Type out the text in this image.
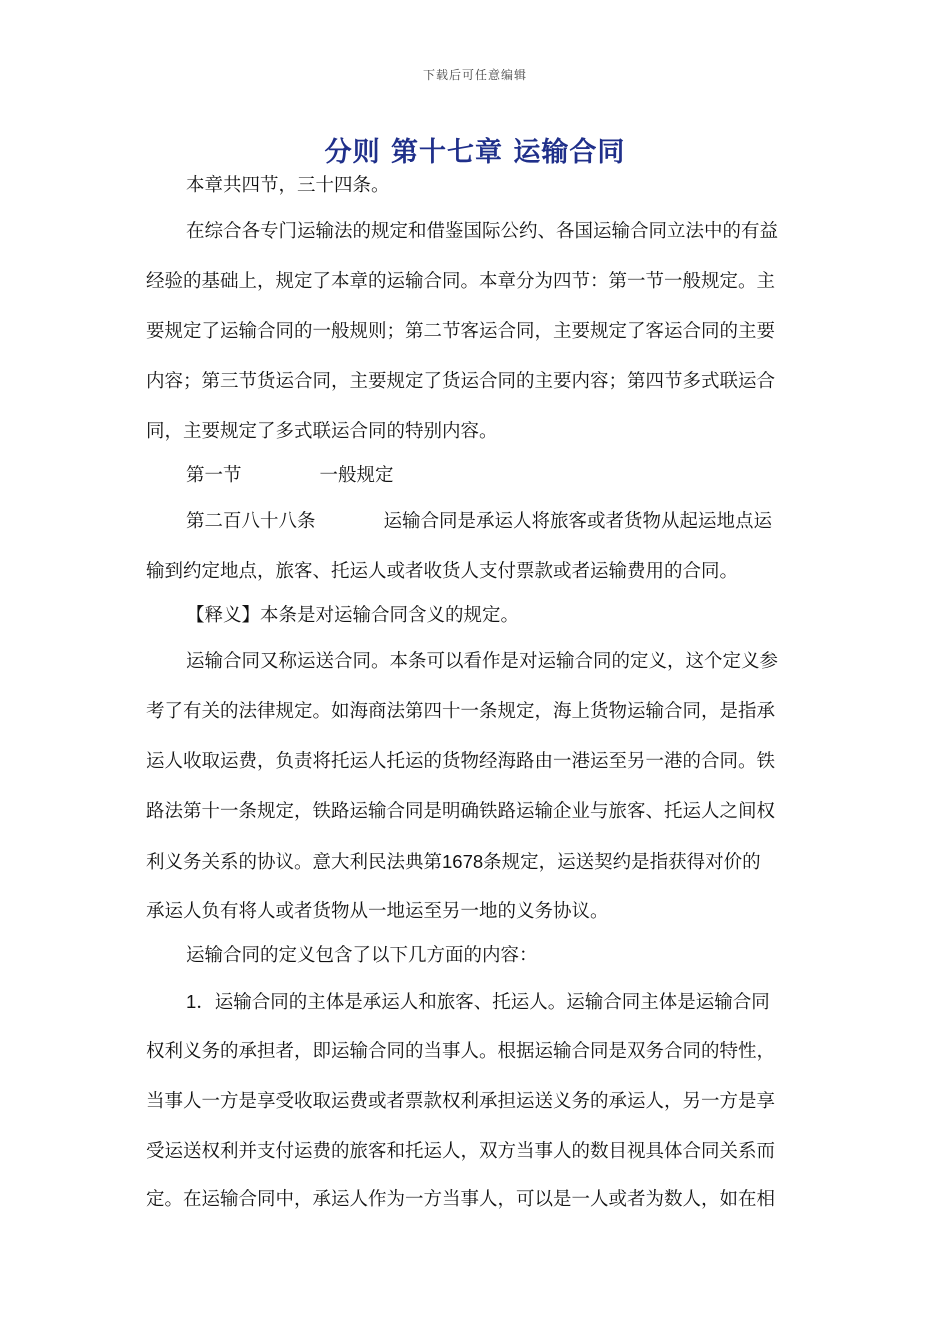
下载后可任意编辑
分则 第十七章 运输合同
本章共四节，三十四条。
在综合各专门运输法的规定和借鉴国际公约、各国运输合同立法中的有益
经验的基础上，规定了本章的运输合同。本章分为四节：第一节一般规定。主
要规定了运输合同的一般规则；第二节客运合同，主要规定了客运合同的主要
内容；第三节货运合同，主要规定了货运合同的主要内容；第四节多式联运合
同，主要规定了多式联运合同的特别内容。
第一节	一般规定
第二百八十八条	运输合同是承运人将旅客或者货物从起运地点运
输到约定地点，旅客、托运人或者收货人支付票款或者运输费用的合同。
【释义】本条是对运输合同含义的规定。
运输合同又称运送合同。本条可以看作是对运输合同的定义，这个定义参
考了有关的法律规定。如海商法第四十一条规定，海上货物运输合同，是指承
运人收取运费，负责将托运人托运的货物经海路由一港运至另一港的合同。铁
路法第十一条规定，铁路运输合同是明确铁路运输企业与旅客、托运人之间权
利义务关系的协议。意大利民法典第1678条规定，运送契约是指获得对价的
承运人负有将人或者货物从一地运至另一地的义务协议。
运输合同的定义包含了以下几方面的内容：
1．运输合同的主体是承运人和旅客、托运人。运输合同主体是运输合同
权利义务的承担者，即运输合同的当事人。根据运输合同是双务合同的特性，
当事人一方是享受收取运费或者票款权利承担运送义务的承运人，另一方是享
受运送权利并支付运费的旅客和托运人，双方当事人的数目视具体合同关系而
定。在运输合同中，承运人作为一方当事人，可以是一人或者为数人，如在相
